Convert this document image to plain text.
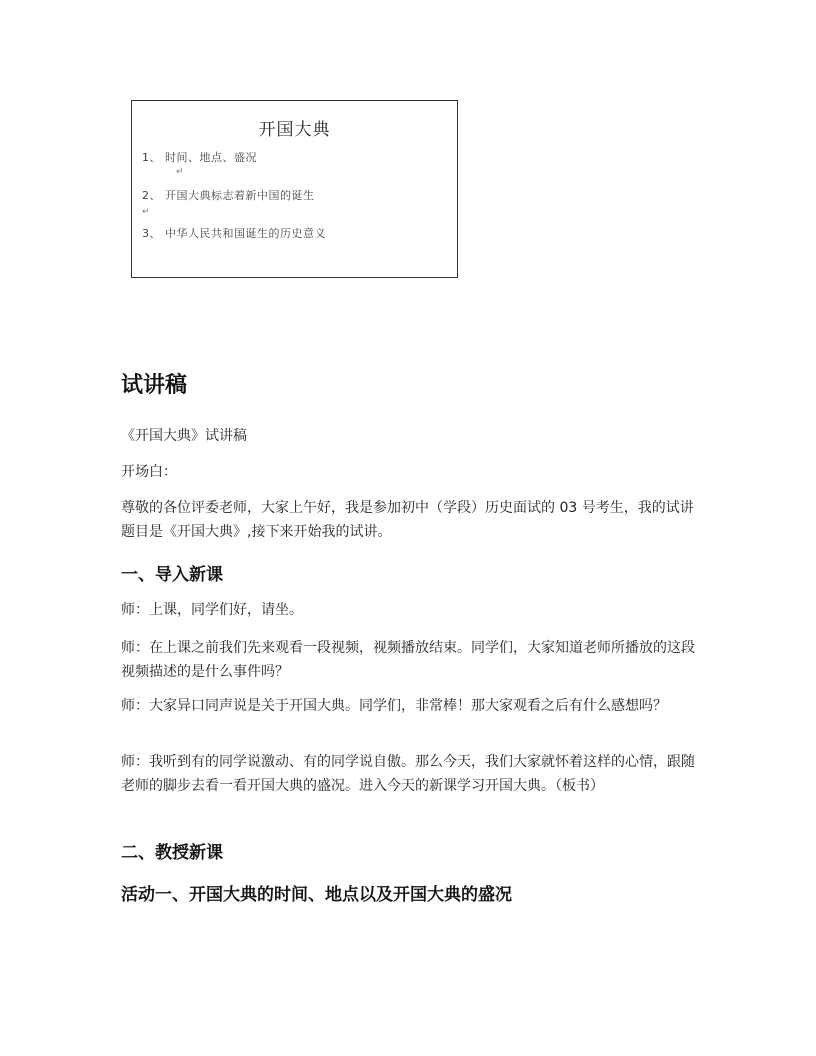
开国大典
1、 时间、地点、盛况
↵
2、 开国大典标志着新中国的诞生
↵
3、 中华人民共和国诞生的历史意义
试讲稿
《开国大典》试讲稿
开场白：
尊敬的各位评委老师，大家上午好，我是参加初中（学段）历史面试的 03 号考生，我的试讲题目是《开国大典》,接下来开始我的试讲。
一、导入新课
师：上课，同学们好，请坐。
师：在上课之前我们先来观看一段视频，视频播放结束。同学们，大家知道老师所播放的这段视频描述的是什么事件吗？
师：大家异口同声说是关于开国大典。同学们，非常棒！那大家观看之后有什么感想吗？
师：我听到有的同学说激动、有的同学说自傲。那么今天，我们大家就怀着这样的心情，跟随老师的脚步去看一看开国大典的盛况。进入今天的新课学习开国大典。（板书）
二、教授新课
活动一、开国大典的时间、地点以及开国大典的盛况
